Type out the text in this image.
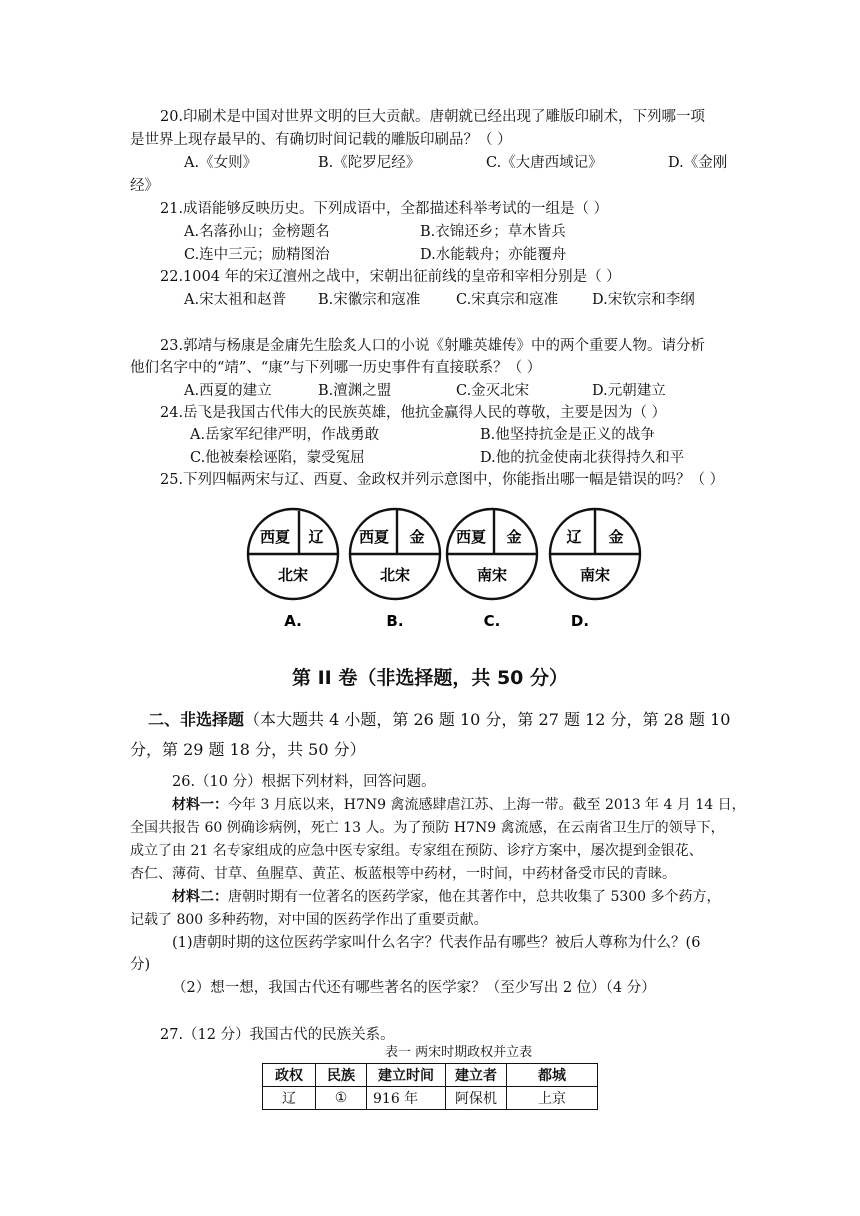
20.印刷术是中国对世界文明的巨大贡献。唐朝就已经出现了雕版印刷术，下列哪一项
是世界上现存最早的、有确切时间记载的雕版印刷品？（ ）
A.《女则》	B.《陀罗尼经》	C.《大唐西域记》	D.《金刚
经》
21.成语能够反映历史。下列成语中，全都描述科举考试的一组是（ ）
A.名落孙山；金榜题名	B.衣锦还乡；草木皆兵
C.连中三元；励精图治	D.水能载舟；亦能覆舟
22.1004 年的宋辽澶州之战中，宋朝出征前线的皇帝和宰相分别是（ ）
A.宋太祖和赵普 B.宋徽宗和寇准 C.宋真宗和寇准 D.宋钦宗和李纲
23.郭靖与杨康是金庸先生脍炙人口的小说《射雕英雄传》中的两个重要人物。请分析
他们名字中的“靖”、“康”与下列哪一历史事件有直接联系？（ ）
A.西夏的建立	B.澶渊之盟	C.金灭北宋	D.元朝建立
24.岳飞是我国古代伟大的民族英雄，他抗金赢得人民的尊敬，主要是因为（ ）
A.岳家军纪律严明，作战勇敢	B.他坚持抗金是正义的战争
C.他被秦桧诬陷，蒙受冤屈	D.他的抗金使南北获得持久和平
25.下列四幅两宋与辽、西夏、金政权并列示意图中，你能指出哪一幅是错误的吗？（ ）
西夏 辽
北宋
A.
西夏 金
北宋
B.
西夏 金
南宋
C.
辽 金
南宋
D.
第 II 卷（非选择题，共 50 分）
二、非选择题（本大题共 4 小题，第 26 题 10 分，第 27 题 12 分，第 28 题 10
分，第 29 题 18 分，共 50 分）
26.（10 分）根据下列材料，回答问题。
材料一：今年 3 月底以来，H7N9 禽流感肆虐江苏、上海一带。截至 2013 年 4 月 14 日，
全国共报告 60 例确诊病例，死亡 13 人。为了预防 H7N9 禽流感，在云南省卫生厅的领导下，
成立了由 21 名专家组成的应急中医专家组。专家组在预防、诊疗方案中，屡次提到金银花、
杏仁、薄荷、甘草、鱼腥草、黄芷、板蓝根等中药材，一时间，中药材备受市民的青睐。
材料二：唐朝时期有一位著名的医药学家，他在其著作中，总共收集了 5300 多个药方，
记载了 800 多种药物，对中国的医药学作出了重要贡献。
(1)唐朝时期的这位医药学家叫什么名字？代表作品有哪些？被后人尊称为什么？(6
分)
（2）想一想，我国古代还有哪些著名的医学家？（至少写出 2 位）（4 分）
27.（12 分）我国古代的民族关系。
表一 两宋时期政权并立表
政权	民族	建立时间	建立者	都城
辽	①	916 年	阿保机	上京
